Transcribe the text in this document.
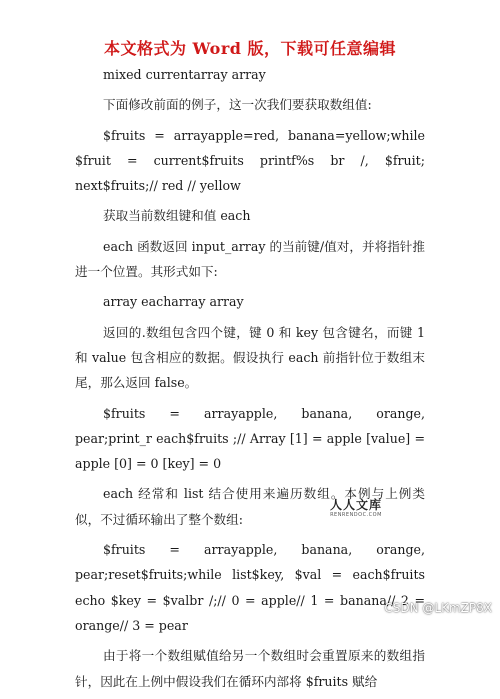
本文格式为 Word 版，下载可任意编辑

mixed currentarray array

下面修改前面的例子，这一次我们要获取数组值:

$fruits = arrayapple=red, banana=yellow;while $fruit = current$fruits printf%s br /, $fruit; next$fruits;// red // yellow

获取当前数组键和值 each

each 函数返回 input_array 的当前键/值对，并将指针推进一个位置。其形式如下:

array eacharray array

返回的.数组包含四个键，键 0 和 key 包含键名，而键 1 和 value 包含相应的数据。假设执行 each 前指针位于数组末尾，那么返回 false。

$fruits = arrayapple, banana, orange, pear;print_r each$fruits ;// Array [1] = apple [value] = apple [0] = 0 [key] = 0

each 经常和 list 结合使用来遍历数组。本例与上例类似，不过循环输出了整个数组:

$fruits = arrayapple, banana, orange, pear;reset$fruits;while list$key, $val = each$fruits echo $key = $valbr /;// 0 = apple// 1 = banana// 2 = orange// 3 = pear

由于将一个数组赋值给另一个数组时会重置原来的数组指针，因此在上例中假设我们在循环内部将 $fruits 赋给

人人文库
RENRENDOC.COM
CSDN @LKmZP8X
